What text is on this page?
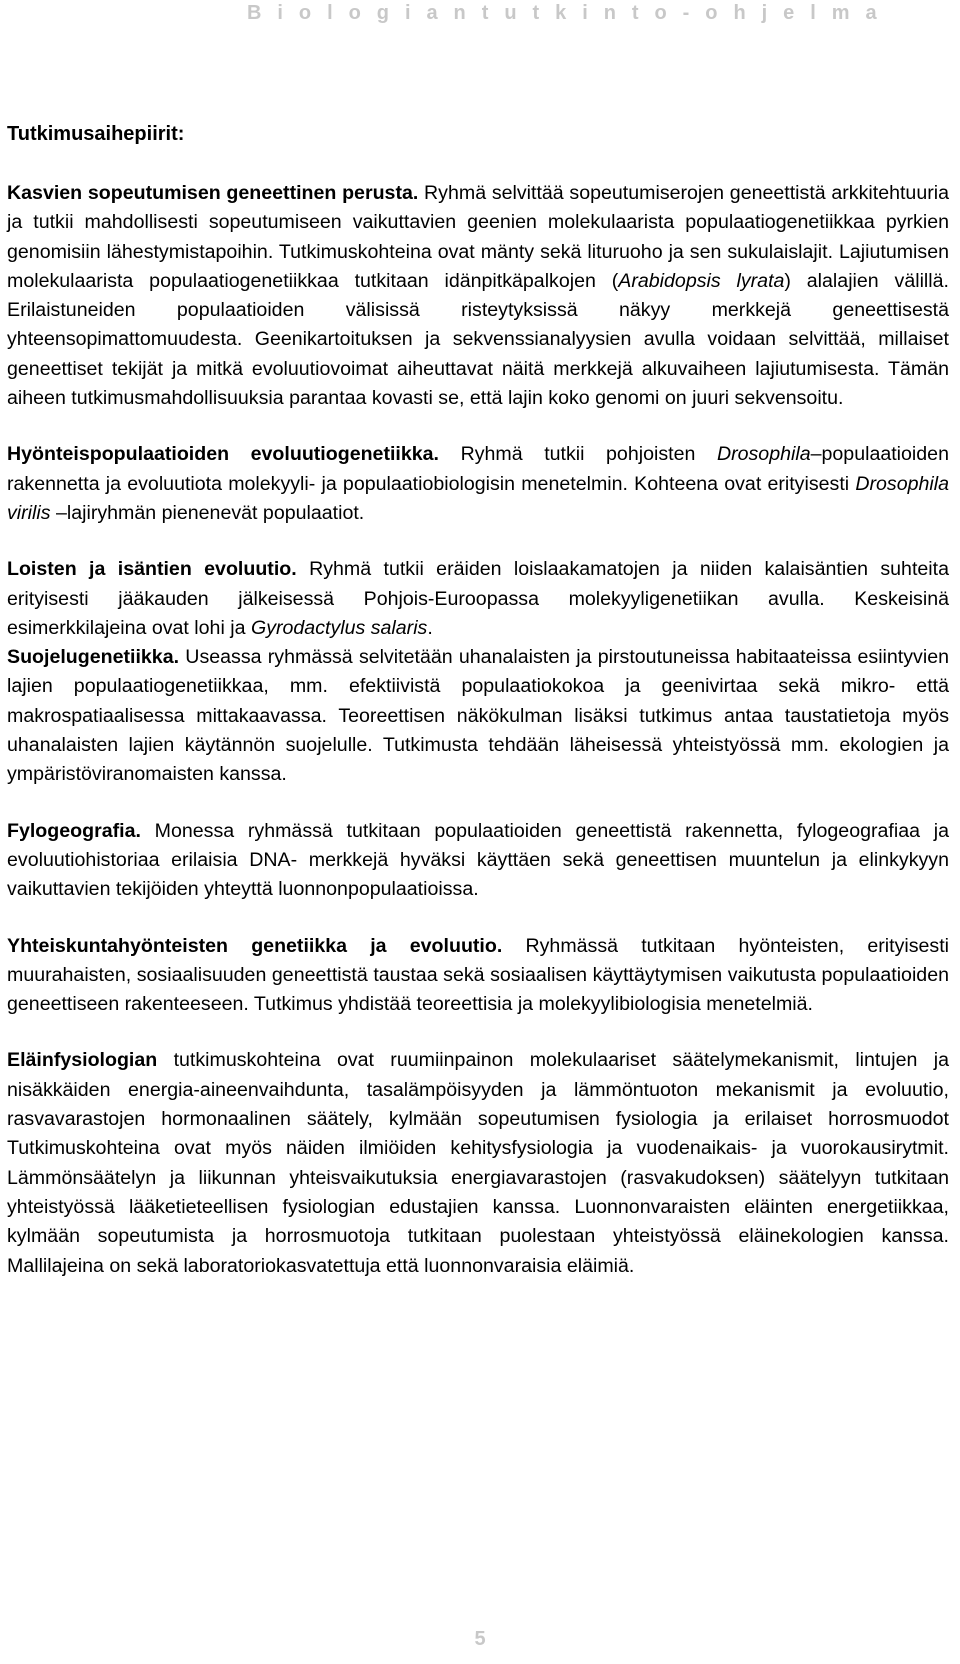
B i o l o g i a n t u t k i n t o - o h j e l m a

Tutkimusaihepiirit:

Kasvien sopeutumisen geneettinen perusta. Ryhmä selvittää sopeutumiserojen geneettistä arkkitehtuuria ja tutkii mahdollisesti sopeutumiseen vaikuttavien geenien molekulaarista populaatiogenetiikkaa pyrkien genomisiin lähestymistapoihin. Tutkimuskohteina ovat mänty sekä lituruoho ja sen sukulaislajit. Lajiutumisen molekulaarista populaatiogenetiikkaa tutkitaan idänpitkäpalkojen (Arabidopsis lyrata) alalajien välillä. Erilaistuneiden populaatioiden välisissä risteytyksissä näkyy merkkejä geneettisestä yhteensopimattomuudesta. Geenikartoituksen ja sekvenssianalyysien avulla voidaan selvittää, millaiset geneettiset tekijät ja mitkä evoluutiovoimat aiheuttavat näitä merkkejä alkuvaiheen lajiutumisesta. Tämän aiheen tutkimusmahdollisuuksia parantaa kovasti se, että lajin koko genomi on juuri sekvensoitu.

Hyönteispopulaatioiden evoluutiogenetiikka. Ryhmä tutkii pohjoisten Drosophila–populaatioiden rakennetta ja evoluutiota molekyyli- ja populaatiobiologisin menetelmin. Kohteena ovat erityisesti Drosophila virilis –lajiryhmän pienenevät populaatiot.

Loisten ja isäntien evoluutio. Ryhmä tutkii eräiden loislaakamatojen ja niiden kalaisäntien suhteita erityisesti jääkauden jälkeisessä Pohjois-Euroopassa molekyyligenetiikan avulla. Keskeisinä esimerkkilajeina ovat lohi ja Gyrodactylus salaris.

Suojelugenetiikka. Useassa ryhmässä selvitetään uhanalaisten ja pirstoutuneissa habitaateissa esiintyvien lajien populaatiogenetiikkaa, mm. efektiivistä populaatiokokoa ja geenivirtaa sekä mikro- että makrospatiaalisessa mittakaavassa. Teoreettisen näkökulman lisäksi tutkimus antaa taustatietoja myös uhanalaisten lajien käytännön suojelulle. Tutkimusta tehdään läheisessä yhteistyössä mm. ekologien ja ympäristöviranomaisten kanssa.

Fylogeografia. Monessa ryhmässä tutkitaan populaatioiden geneettistä rakennetta, fylogeografiaa ja evoluutiohistoriaa erilaisia DNA- merkkejä hyväksi käyttäen sekä geneettisen muuntelun ja elinkykyyn vaikuttavien tekijöiden yhteyttä luonnonpopulaatioissa.

Yhteiskuntahyönteisten genetiikka ja evoluutio. Ryhmässä tutkitaan hyönteisten, erityisesti muurahaisten, sosiaalisuuden geneettistä taustaa sekä sosiaalisen käyttäytymisen vaikutusta populaatioiden geneettiseen rakenteeseen. Tutkimus yhdistää teoreettisia ja molekyylibiologisia menetelmiä.

Eläinfysiologian tutkimuskohteina ovat ruumiinpainon molekulaariset säätelymekanismit, lintujen ja nisäkkäiden energia-aineenvaihdunta, tasalämpöisyyden ja lämmöntuoton mekanismit ja evoluutio, rasvavarastojen hormonaalinen säätely, kylmään sopeutumisen fysiologia ja erilaiset horrosmuodot Tutkimuskohteina ovat myös näiden ilmiöiden kehitysfysiologia ja vuodenaikais- ja vuorokausirytmit. Lämmönsäätelyn ja liikunnan yhteisvaikutuksia energiavarastojen (rasvakudoksen) säätelyyn tutkitaan yhteistyössä lääketieteellisen fysiologian edustajien kanssa. Luonnonvaraisten eläinten energetiikkaa, kylmään sopeutumista ja horrosmuotoja tutkitaan puolestaan yhteistyössä eläinekologien kanssa. Mallilajeina on sekä laboratoriokasvatettuja että luonnonvaraisia eläimiä.

5
